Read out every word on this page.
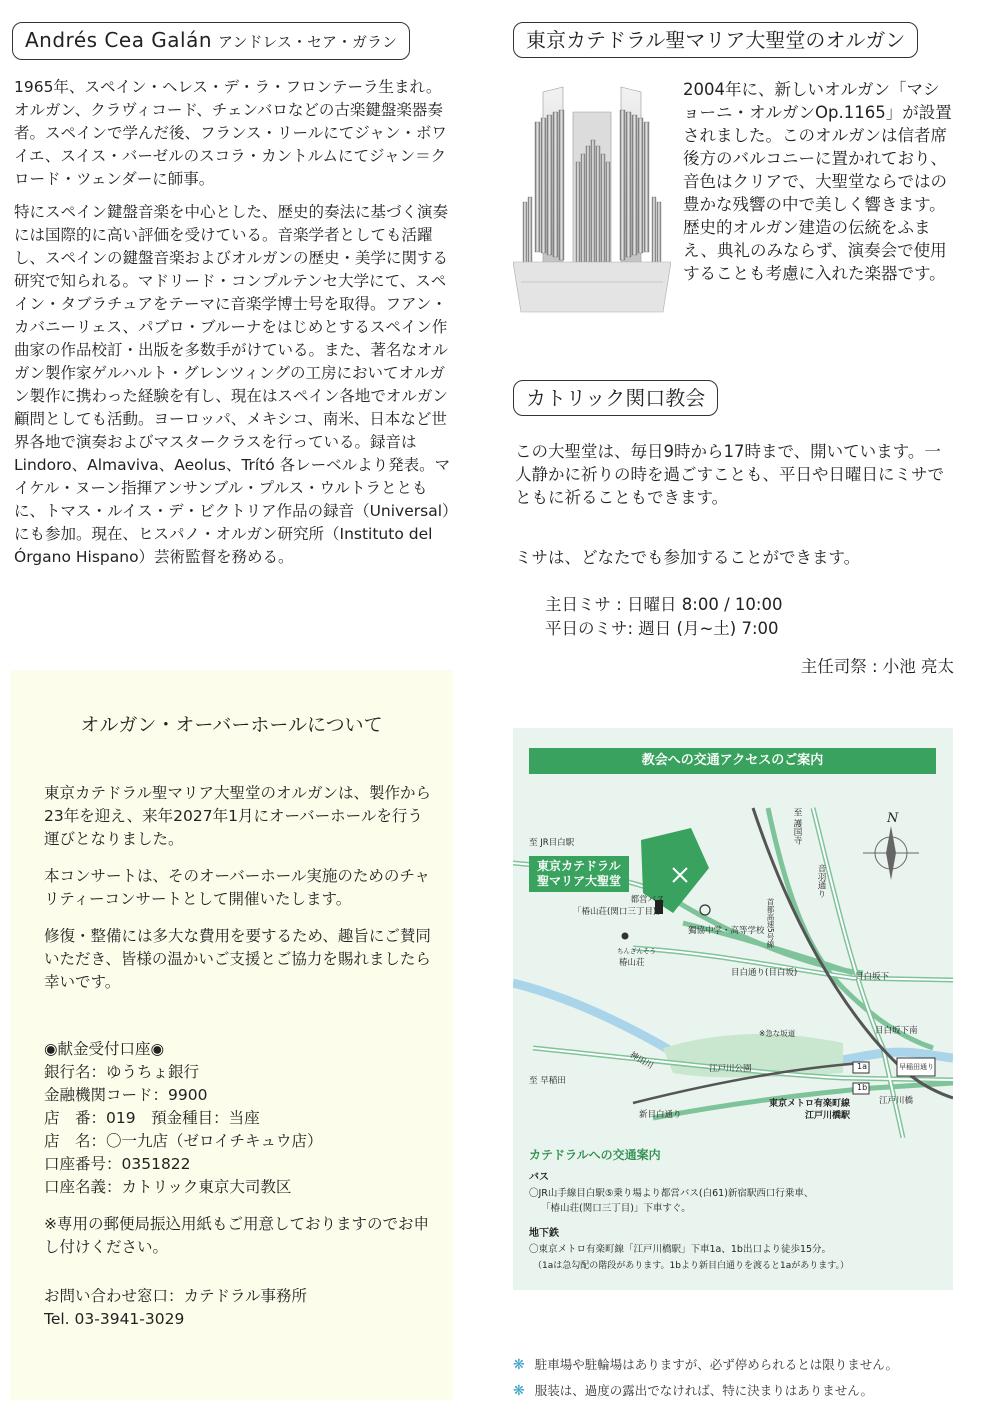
Andrés Cea Galán アンドレス・セア・ガラン

1965年、スペイン・ヘレス・デ・ラ・フロンテーラ生まれ。オルガン、クラヴィコード、チェンバロなどの古楽鍵盤楽器奏者。スペインで学んだ後、フランス・リールにてジャン・ボワイエ、スイス・バーゼルのスコラ・カントルムにてジャン＝クロード・ツェンダーに師事。

特にスペイン鍵盤音楽を中心とした、歴史的奏法に基づく演奏には国際的に高い評価を受けている。音楽学者としても活躍し、スペインの鍵盤音楽およびオルガンの歴史・美学に関する研究で知られる。マドリード・コンプルテンセ大学にて、スペイン・タブラチュアをテーマに音楽学博士号を取得。フアン・カバニーリェス、パブロ・ブルーナをはじめとするスペイン作曲家の作品校訂・出版を多数手がけている。また、著名なオルガン製作家ゲルハルト・グレンツィングの工房においてオルガン製作に携わった経験を有し、現在はスペイン各地でオルガン顧問としても活動。ヨーロッパ、メキシコ、南米、日本など世界各地で演奏およびマスタークラスを行っている。録音は Lindoro、Almaviva、Aeolus、Trító 各レーベルより発表。マイケル・ヌーン指揮アンサンブル・プルス・ウルトラとともに、トマス・ルイス・デ・ビクトリア作品の録音（Universal）にも参加。現在、ヒスパノ・オルガン研究所（Instituto del Órgano Hispano）芸術監督を務める。

東京カテドラル聖マリア大聖堂のオルガン
2004年に、新しいオルガン「マショーニ・オルガンOp.1165」が設置されました。このオルガンは信者席後方のバルコニーに置かれており、音色はクリアで、大聖堂ならではの豊かな残響の中で美しく響きます。歴史的オルガン建造の伝統をふまえ、典礼のみならず、演奏会で使用することも考慮に入れた楽器です。
カトリック関口教会
この大聖堂は、毎日9時から17時まで、開いています。一人静かに祈りの時を過ごすことも、平日や日曜日にミサでともに祈ることもできます。
ミサは、どなたでも参加することができます。
主日ミサ : 日曜日 8:00 / 10:00
平日のミサ: 週日 (月~土) 7:00
主任司祭 : 小池 亮太
オルガン・オーバーホールについて

東京カテドラル聖マリア大聖堂のオルガンは、製作から23年を迎え、来年2027年1月にオーバーホールを行う運びとなりました。

本コンサートは、そのオーバーホール実施のためのチャリティーコンサートとして開催いたします。

修復・整備には多大な費用を要するため、趣旨にご賛同いただき、皆様の温かいご支援とご協力を賜れましたら幸いです。

◉献金受付口座◉
銀行名：ゆうちょ銀行
金融機関コード：9900
店　番：019　預金種目：当座
店　名：〇一九店（ゼロイチキュウ店）
口座番号：0351822
口座名義：カトリック東京大司教区

※専用の郵便局振込用紙もご用意しておりますのでお申し付けください。

お問い合わせ窓口：カテドラル事務所
Tel. 03-3941-3029
教会への交通アクセスのご案内
N
至 JR目白駅	至 護国寺
東京カテドラル
聖マリア大聖堂
都営バス
「椿山荘(関口三丁目)」
獨協中学・高等学校
音羽通り
首都高速5号線
ちんざんそう
椿山荘
目白通り(目白坂)	目白坂下
※急な坂道	目白坂下南
神田川	江戸川公園
至 早稲田
1a
1b
早稲田通り
江戸川橋
新目白通り
東京メトロ有楽町線
江戸川橋駅
カテドラルへの交通案内
バス
〇JR山手線目白駅⑤乗り場より都営バス(白61)新宿駅西口行乗車、
「椿山荘(関口三丁目)」下車すぐ。
地下鉄
〇東京メトロ有楽町線「江戸川橋駅」下車1a、1b出口より徒歩15分。
（1aは急勾配の階段があります。1bより新目白通りを渡ると1aがあります。）
❋ 駐車場や駐輪場はありますが、必ず停められるとは限りません。
❋ 服装は、過度の露出でなければ、特に決まりはありません。
